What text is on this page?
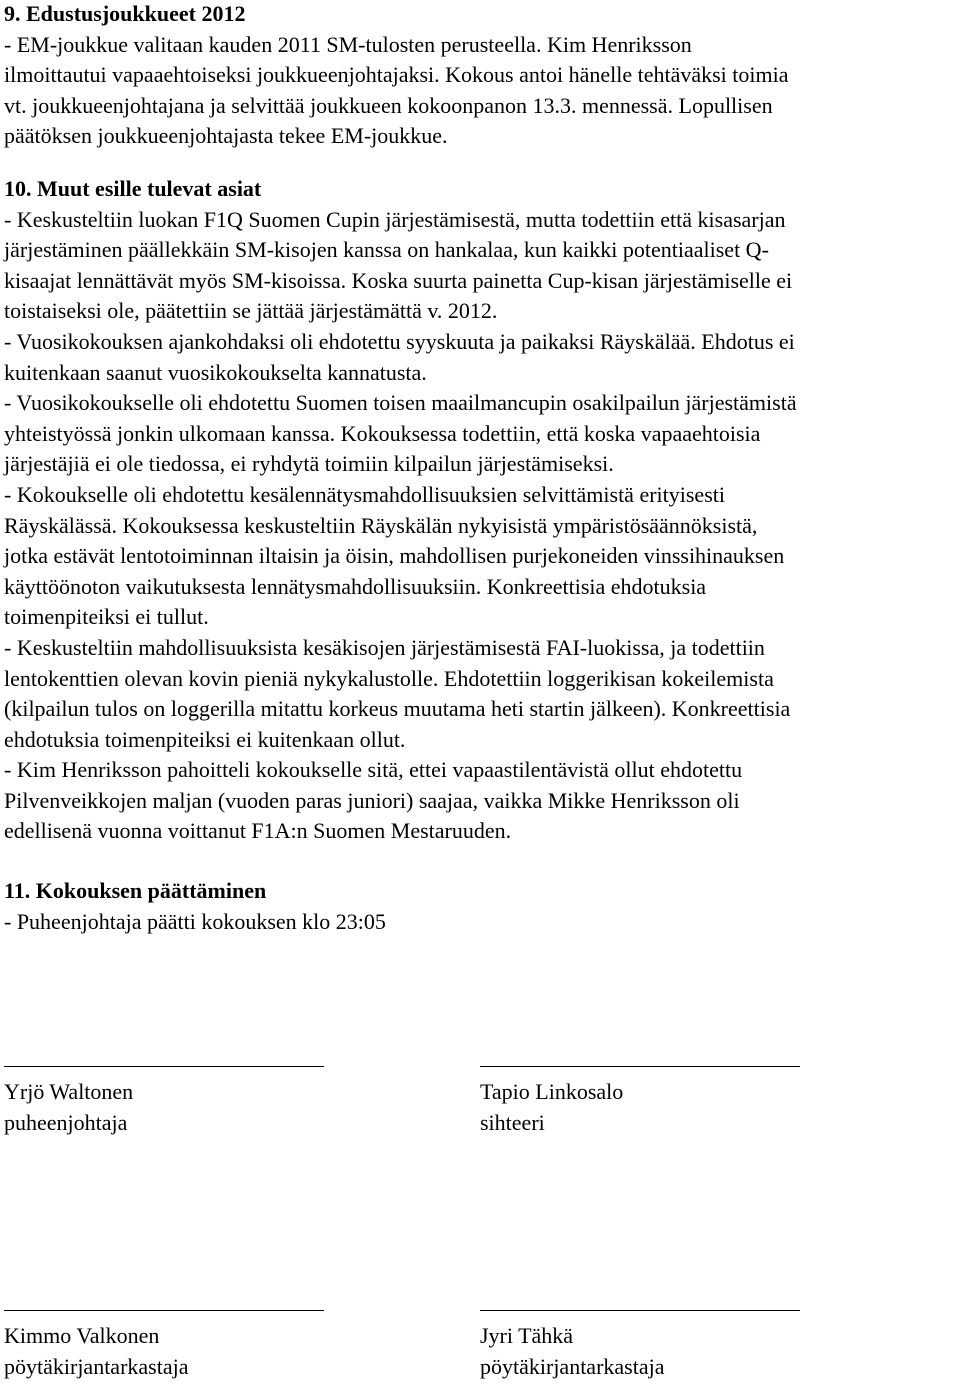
9. Edustusjoukkueet 2012
- EM-joukkue valitaan kauden 2011 SM-tulosten perusteella. Kim Henriksson
ilmoittautui vapaaehtoiseksi joukkueenjohtajaksi. Kokous antoi hänelle tehtäväksi toimia
vt. joukkueenjohtajana ja selvittää joukkueen kokoonpanon 13.3. mennessä. Lopullisen
päätöksen joukkueenjohtajasta tekee EM-joukkue.
10. Muut esille tulevat asiat
- Keskusteltiin luokan F1Q Suomen Cupin järjestämisestä, mutta todettiin että kisasarjan
järjestäminen päällekkäin SM-kisojen kanssa on hankalaa, kun kaikki potentiaaliset Q-
kisaajat lennättävät myös SM-kisoissa. Koska suurta painetta Cup-kisan järjestämiselle ei
toistaiseksi ole, päätettiin se jättää järjestämättä v. 2012.
- Vuosikokouksen ajankohdaksi oli ehdotettu syyskuuta ja paikaksi Räyskälää. Ehdotus ei
kuitenkaan saanut vuosikokoukselta kannatusta.
- Vuosikokoukselle oli ehdotettu Suomen toisen maailmancupin osakilpailun järjestämistä
yhteistyössä jonkin ulkomaan kanssa. Kokouksessa todettiin, että koska vapaaehtoisia
järjestäjiä ei ole tiedossa, ei ryhdytä toimiin kilpailun järjestämiseksi.
- Kokoukselle oli ehdotettu kesälennätysmahdollisuuksien selvittämistä erityisesti
Räyskälässä. Kokouksessa keskusteltiin Räyskälän nykyisistä ympäristösäännöksistä,
jotka estävät lentotoiminnan iltaisin ja öisin, mahdollisen purjekoneiden vinssihinauksen
käyttöönoton vaikutuksesta lennätysmahdollisuuksiin. Konkreettisia ehdotuksia
toimenpiteiksi ei tullut.
- Keskusteltiin mahdollisuuksista kesäkisojen järjestämisestä FAI-luokissa, ja todettiin
lentokenttien olevan kovin pieniä nykykalustolle. Ehdotettiin loggerikisan kokeilemista
(kilpailun tulos on loggerilla mitattu korkeus muutama heti startin jälkeen). Konkreettisia
ehdotuksia toimenpiteiksi ei kuitenkaan ollut.
- Kim Henriksson pahoitteli kokoukselle sitä, ettei vapaastilentävistä ollut ehdotettu
Pilvenveikkojen maljan (vuoden paras juniori) saajaa, vaikka Mikke Henriksson oli
edellisenä vuonna voittanut F1A:n Suomen Mestaruuden.
11. Kokouksen päättäminen
- Puheenjohtaja päätti kokouksen klo 23:05
Yrjö Waltonen
puheenjohtaja
Tapio Linkosalo
sihteeri
Kimmo Valkonen
pöytäkirjantarkastaja
Jyri Tähkä
pöytäkirjantarkastaja
